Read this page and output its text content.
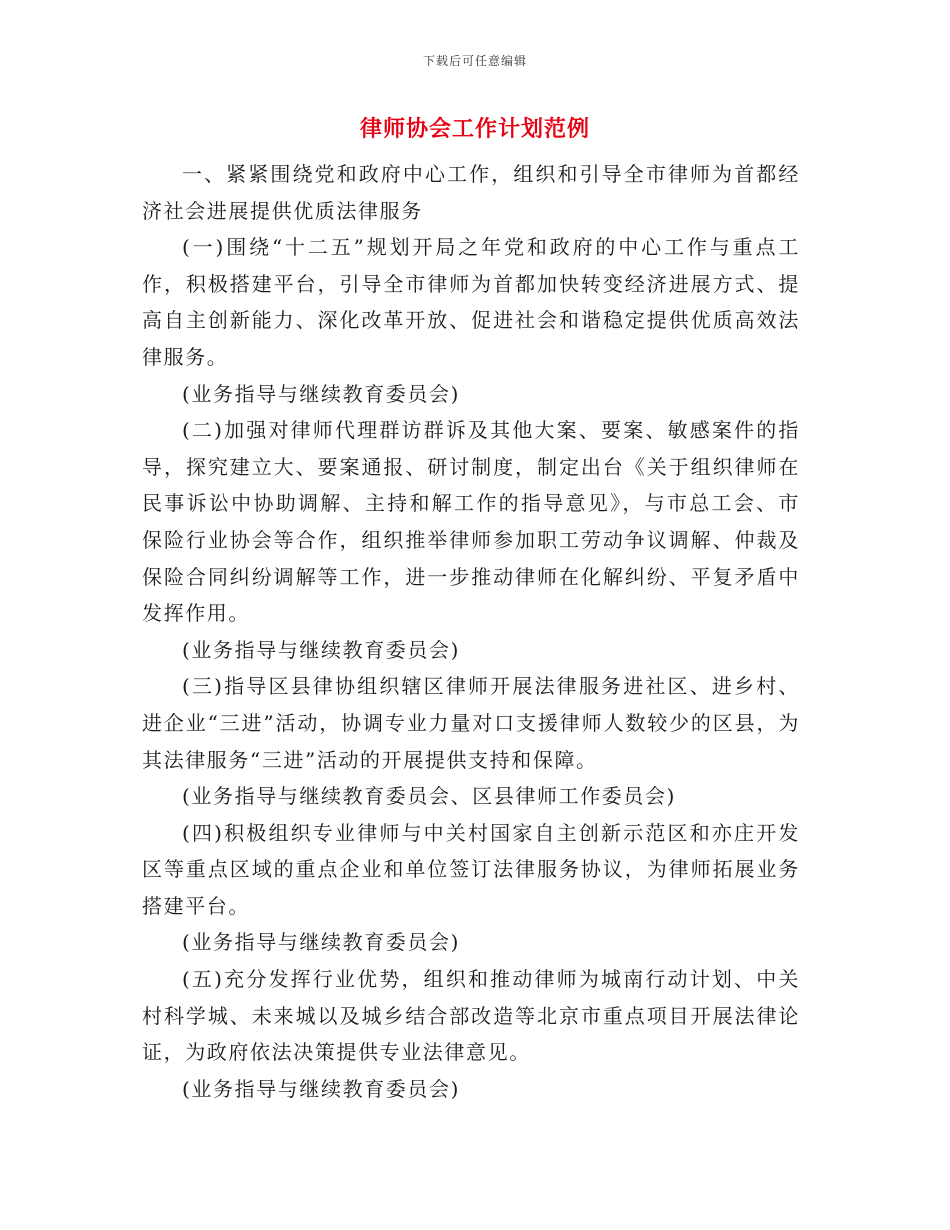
下载后可任意编辑
律师协会工作计划范例

一、紧紧围绕党和政府中心工作，组织和引导全市律师为首都经济社会进展提供优质法律服务

(一)围绕“十二五”规划开局之年党和政府的中心工作与重点工作，积极搭建平台，引导全市律师为首都加快转变经济进展方式、提高自主创新能力、深化改革开放、促进社会和谐稳定提供优质高效法律服务。

(业务指导与继续教育委员会)

(二)加强对律师代理群访群诉及其他大案、要案、敏感案件的指导，探究建立大、要案通报、研讨制度，制定出台《关于组织律师在民事诉讼中协助调解、主持和解工作的指导意见》，与市总工会、市保险行业协会等合作，组织推举律师参加职工劳动争议调解、仲裁及保险合同纠纷调解等工作，进一步推动律师在化解纠纷、平复矛盾中发挥作用。

(业务指导与继续教育委员会)

(三)指导区县律协组织辖区律师开展法律服务进社区、进乡村、进企业“三进”活动，协调专业力量对口支援律师人数较少的区县，为其法律服务“三进”活动的开展提供支持和保障。

(业务指导与继续教育委员会、区县律师工作委员会)

(四)积极组织专业律师与中关村国家自主创新示范区和亦庄开发区等重点区域的重点企业和单位签订法律服务协议，为律师拓展业务搭建平台。

(业务指导与继续教育委员会)

(五)充分发挥行业优势，组织和推动律师为城南行动计划、中关村科学城、未来城以及城乡结合部改造等北京市重点项目开展法律论证，为政府依法决策提供专业法律意见。

(业务指导与继续教育委员会)
